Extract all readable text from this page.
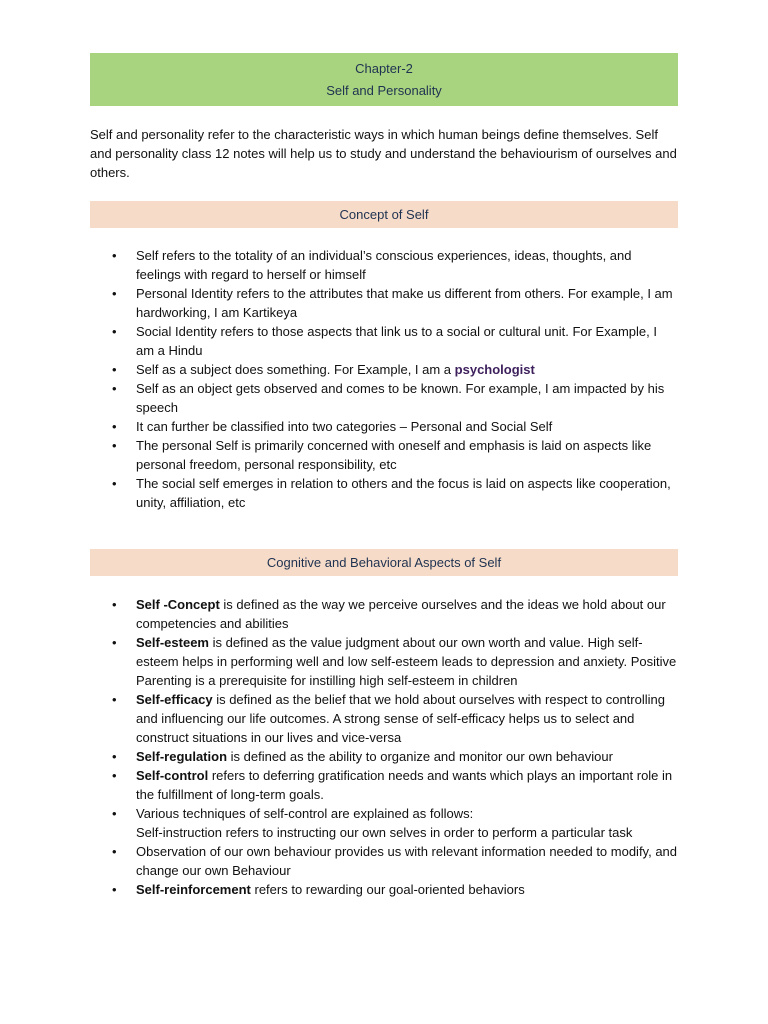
Chapter-2
Self and Personality
Self and personality refer to the characteristic ways in which human beings define themselves. Self and personality class 12 notes will help us to study and understand the behaviourism of ourselves and others.
Concept of Self
• Self refers to the totality of an individual’s conscious experiences, ideas, thoughts, and feelings with regard to herself or himself
• Personal Identity refers to the attributes that make us different from others. For example, I am hardworking, I am Kartikeya
• Social Identity refers to those aspects that link us to a social or cultural unit. For Example, I am a Hindu
• Self as a subject does something. For Example, I am a psychologist
• Self as an object gets observed and comes to be known. For example, I am impacted by his speech
• It can further be classified into two categories – Personal and Social Self
• The personal Self is primarily concerned with oneself and emphasis is laid on aspects like personal freedom, personal responsibility, etc
• The social self emerges in relation to others and the focus is laid on aspects like cooperation, unity, affiliation, etc
Cognitive and Behavioral Aspects of Self
• Self -Concept is defined as the way we perceive ourselves and the ideas we hold about our competencies and abilities
• Self-esteem is defined as the value judgment about our own worth and value. High self-esteem helps in performing well and low self-esteem leads to depression and anxiety. Positive Parenting is a prerequisite for instilling high self-esteem in children
• Self-efficacy is defined as the belief that we hold about ourselves with respect to controlling and influencing our life outcomes. A strong sense of self-efficacy helps us to select and construct situations in our lives and vice-versa
• Self-regulation is defined as the ability to organize and monitor our own behaviour
• Self-control refers to deferring gratification needs and wants which plays an important role in the fulfillment of long-term goals.
• Various techniques of self-control are explained as follows:
Self-instruction refers to instructing our own selves in order to perform a particular task
• Observation of our own behaviour provides us with relevant information needed to modify, and change our own Behaviour
• Self-reinforcement refers to rewarding our goal-oriented behaviors
